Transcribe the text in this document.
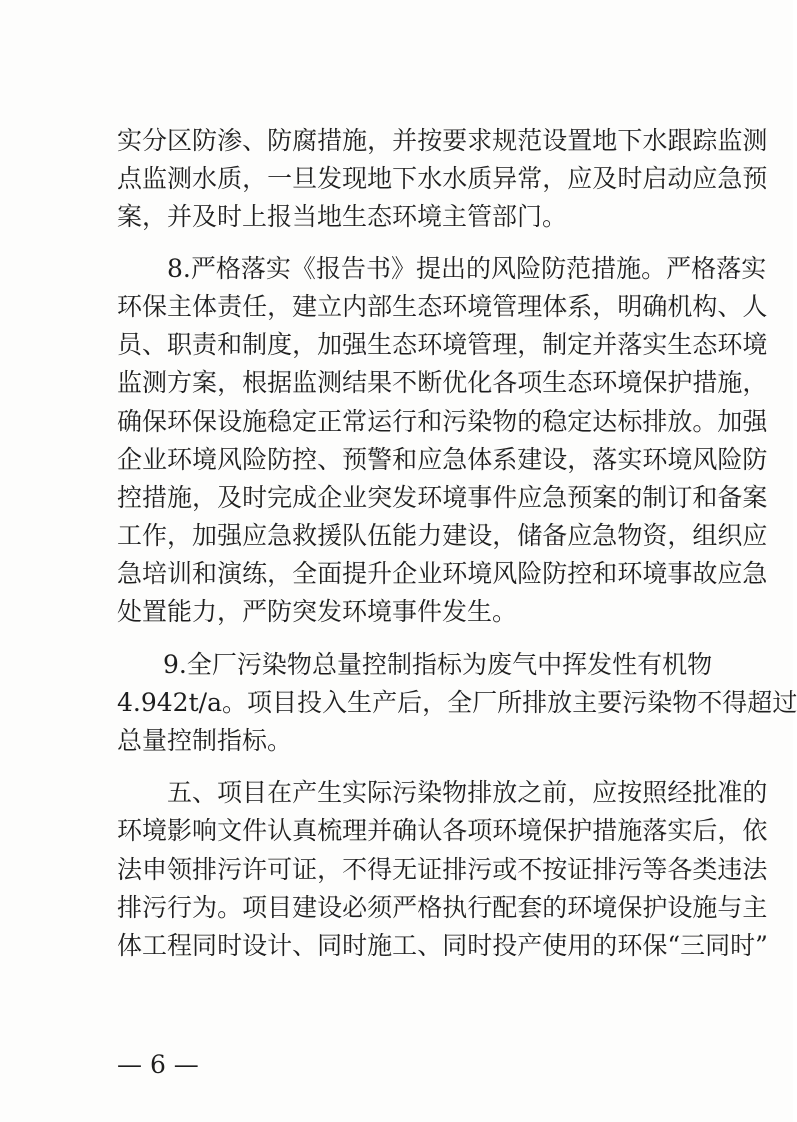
实 分 区 防 渗 、 防 腐 措 施 ， 并 按 要 求 规 范 设 置 地 下 水 跟 踪 监 测
点 监 测 水 质 ， 一 旦 发 现 地 下 水 水 质 异 常 ， 应 及 时 启 动 应 急 预
案，并及时上报当地生态环境主管部门。
8 . 严 格 落 实 《 报 告 书 》 提 出 的 风 险 防 范 措 施 。 严 格 落 实
环 保 主 体 责 任 ， 建 立 内 部 生 态 环 境 管 理 体 系 ， 明 确 机 构 、 人
员 、 职 责 和 制 度 ， 加 强 生 态 环 境 管 理 ， 制 定 并 落 实 生 态 环 境
监 测 方 案 ， 根 据 监 测 结 果 不 断 优 化 各 项 生 态 环 境 保 护 措 施 ，
确 保 环 保 设 施 稳 定 正 常 运 行 和 污 染 物 的 稳 定 达 标 排 放 。 加 强
企 业 环 境 风 险 防 控 、 预 警 和 应 急 体 系 建 设 ， 落 实 环 境 风 险 防
控 措 施 ， 及 时 完 成 企 业 突 发 环 境 事 件 应 急 预 案 的 制 订 和 备 案
工 作 ， 加 强 应 急 救 援 队 伍 能 力 建 设 ， 储 备 应 急 物 资 ， 组 织 应
急 培 训 和 演 练 ， 全 面 提 升 企 业 环 境 风 险 防 控 和 环 境 事 故 应 急
处置能力，严防突发环境事件发生。
9 . 全 厂 污 染 物 总 量 控 制 指 标 为 废 气 中 挥 发 性 有 机 物
4 . 9 4 2 t / a 。 项 目 投 入 生 产 后 ， 全 厂 所 排 放 主 要 污 染 物 不 得 超 过
总量控制指标。
五 、 项 目 在 产 生 实 际 污 染 物 排 放 之 前 ， 应 按 照 经 批 准 的
环 境 影 响 文 件 认 真 梳 理 并 确 认 各 项 环 境 保 护 措 施 落 实 后 ， 依
法 申 领 排 污 许 可 证 ， 不 得 无 证 排 污 或 不 按 证 排 污 等 各 类 违 法
排 污 行 为 。 项 目 建 设 必 须 严 格 执 行 配 套 的 环 境 保 护 设 施 与 主
体 工 程 同 时 设 计 、 同 时 施 工 、 同 时 投 产 使 用 的 环 保 “ 三 同 时 ”
— 6 —
